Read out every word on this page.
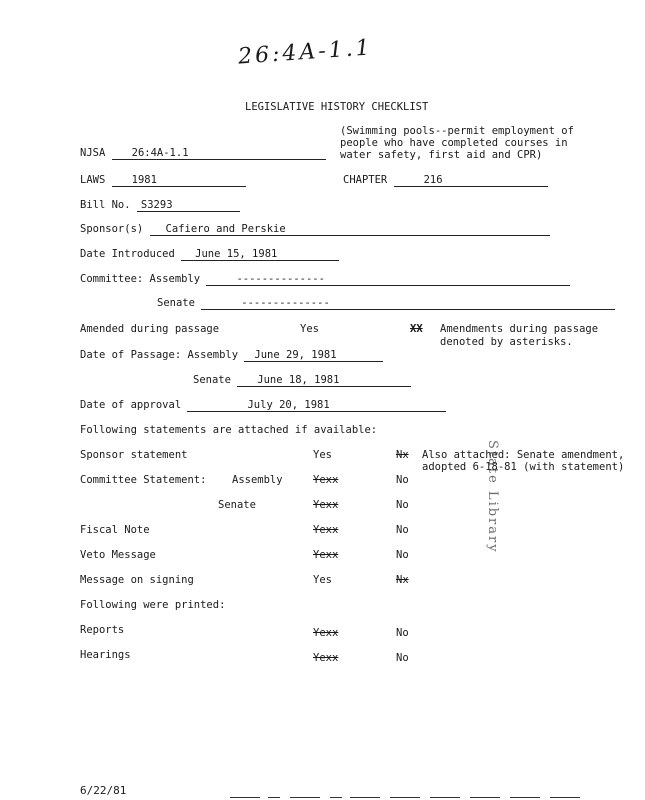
26:4A-1.1
LEGISLATIVE HISTORY CHECKLIST
NJSA	26:4A-1.1
(Swimming pools--permit employment of
people who have completed courses in
water safety, first aid and CPR)
LAWS	1981	CHAPTER	216
Bill No. S3293
Sponsor(s) Cafiero and Perskie
Date Introduced June 15, 1981
Committee: Assembly	--------------
Senate	--------------
Amended during passage	Yes	XX Amendments during passage
denoted by asterisks.
Date of Passage: Assembly June 29, 1981
Senate	June 18, 1981
Date of approval	July 20, 1981
Following statements are attached if available:
Sponsor statement	Yes	Nx
Committee Statement: Assembly	Yexx	No
Senate	Yexx	No
Fiscal Note	Yexx	No
Veto Message	Yexx	No
Message on signing	Yes	Nx
Also attached: Senate amendment,
adopted 6-18-81 (with statement)
Following were printed:
Reports	Yexx	No
Hearings	Yexx	No
State Library
6/22/81
